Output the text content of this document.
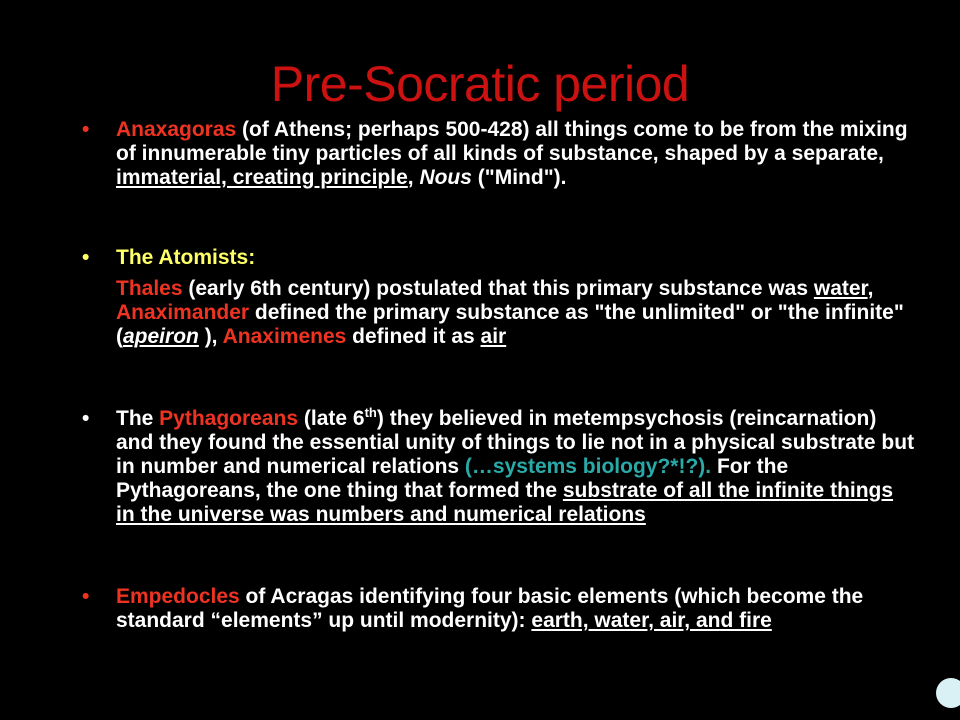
Pre-Socratic period

• Anaxagoras (of Athens; perhaps 500-428) all things come to be from the mixing of innumerable tiny particles of all kinds of substance, shaped by a separate, immaterial, creating principle, Nous ("Mind").

• The Atomists:

Thales (early 6th century) postulated that this primary substance was water, Anaximander defined the primary substance as "the unlimited" or "the infinite" (apeiron ), Anaximenes defined it as air

• The Pythagoreans (late 6th) they believed in metempsychosis (reincarnation) and they found the essential unity of things to lie not in a physical substrate but in number and numerical relations (…systems biology?*!?). For the Pythagoreans, the one thing that formed the substrate of all the infinite things in the universe was numbers and numerical relations

• Empedocles of Acragas identifying four basic elements (which become the standard “elements” up until modernity): earth, water, air, and fire
